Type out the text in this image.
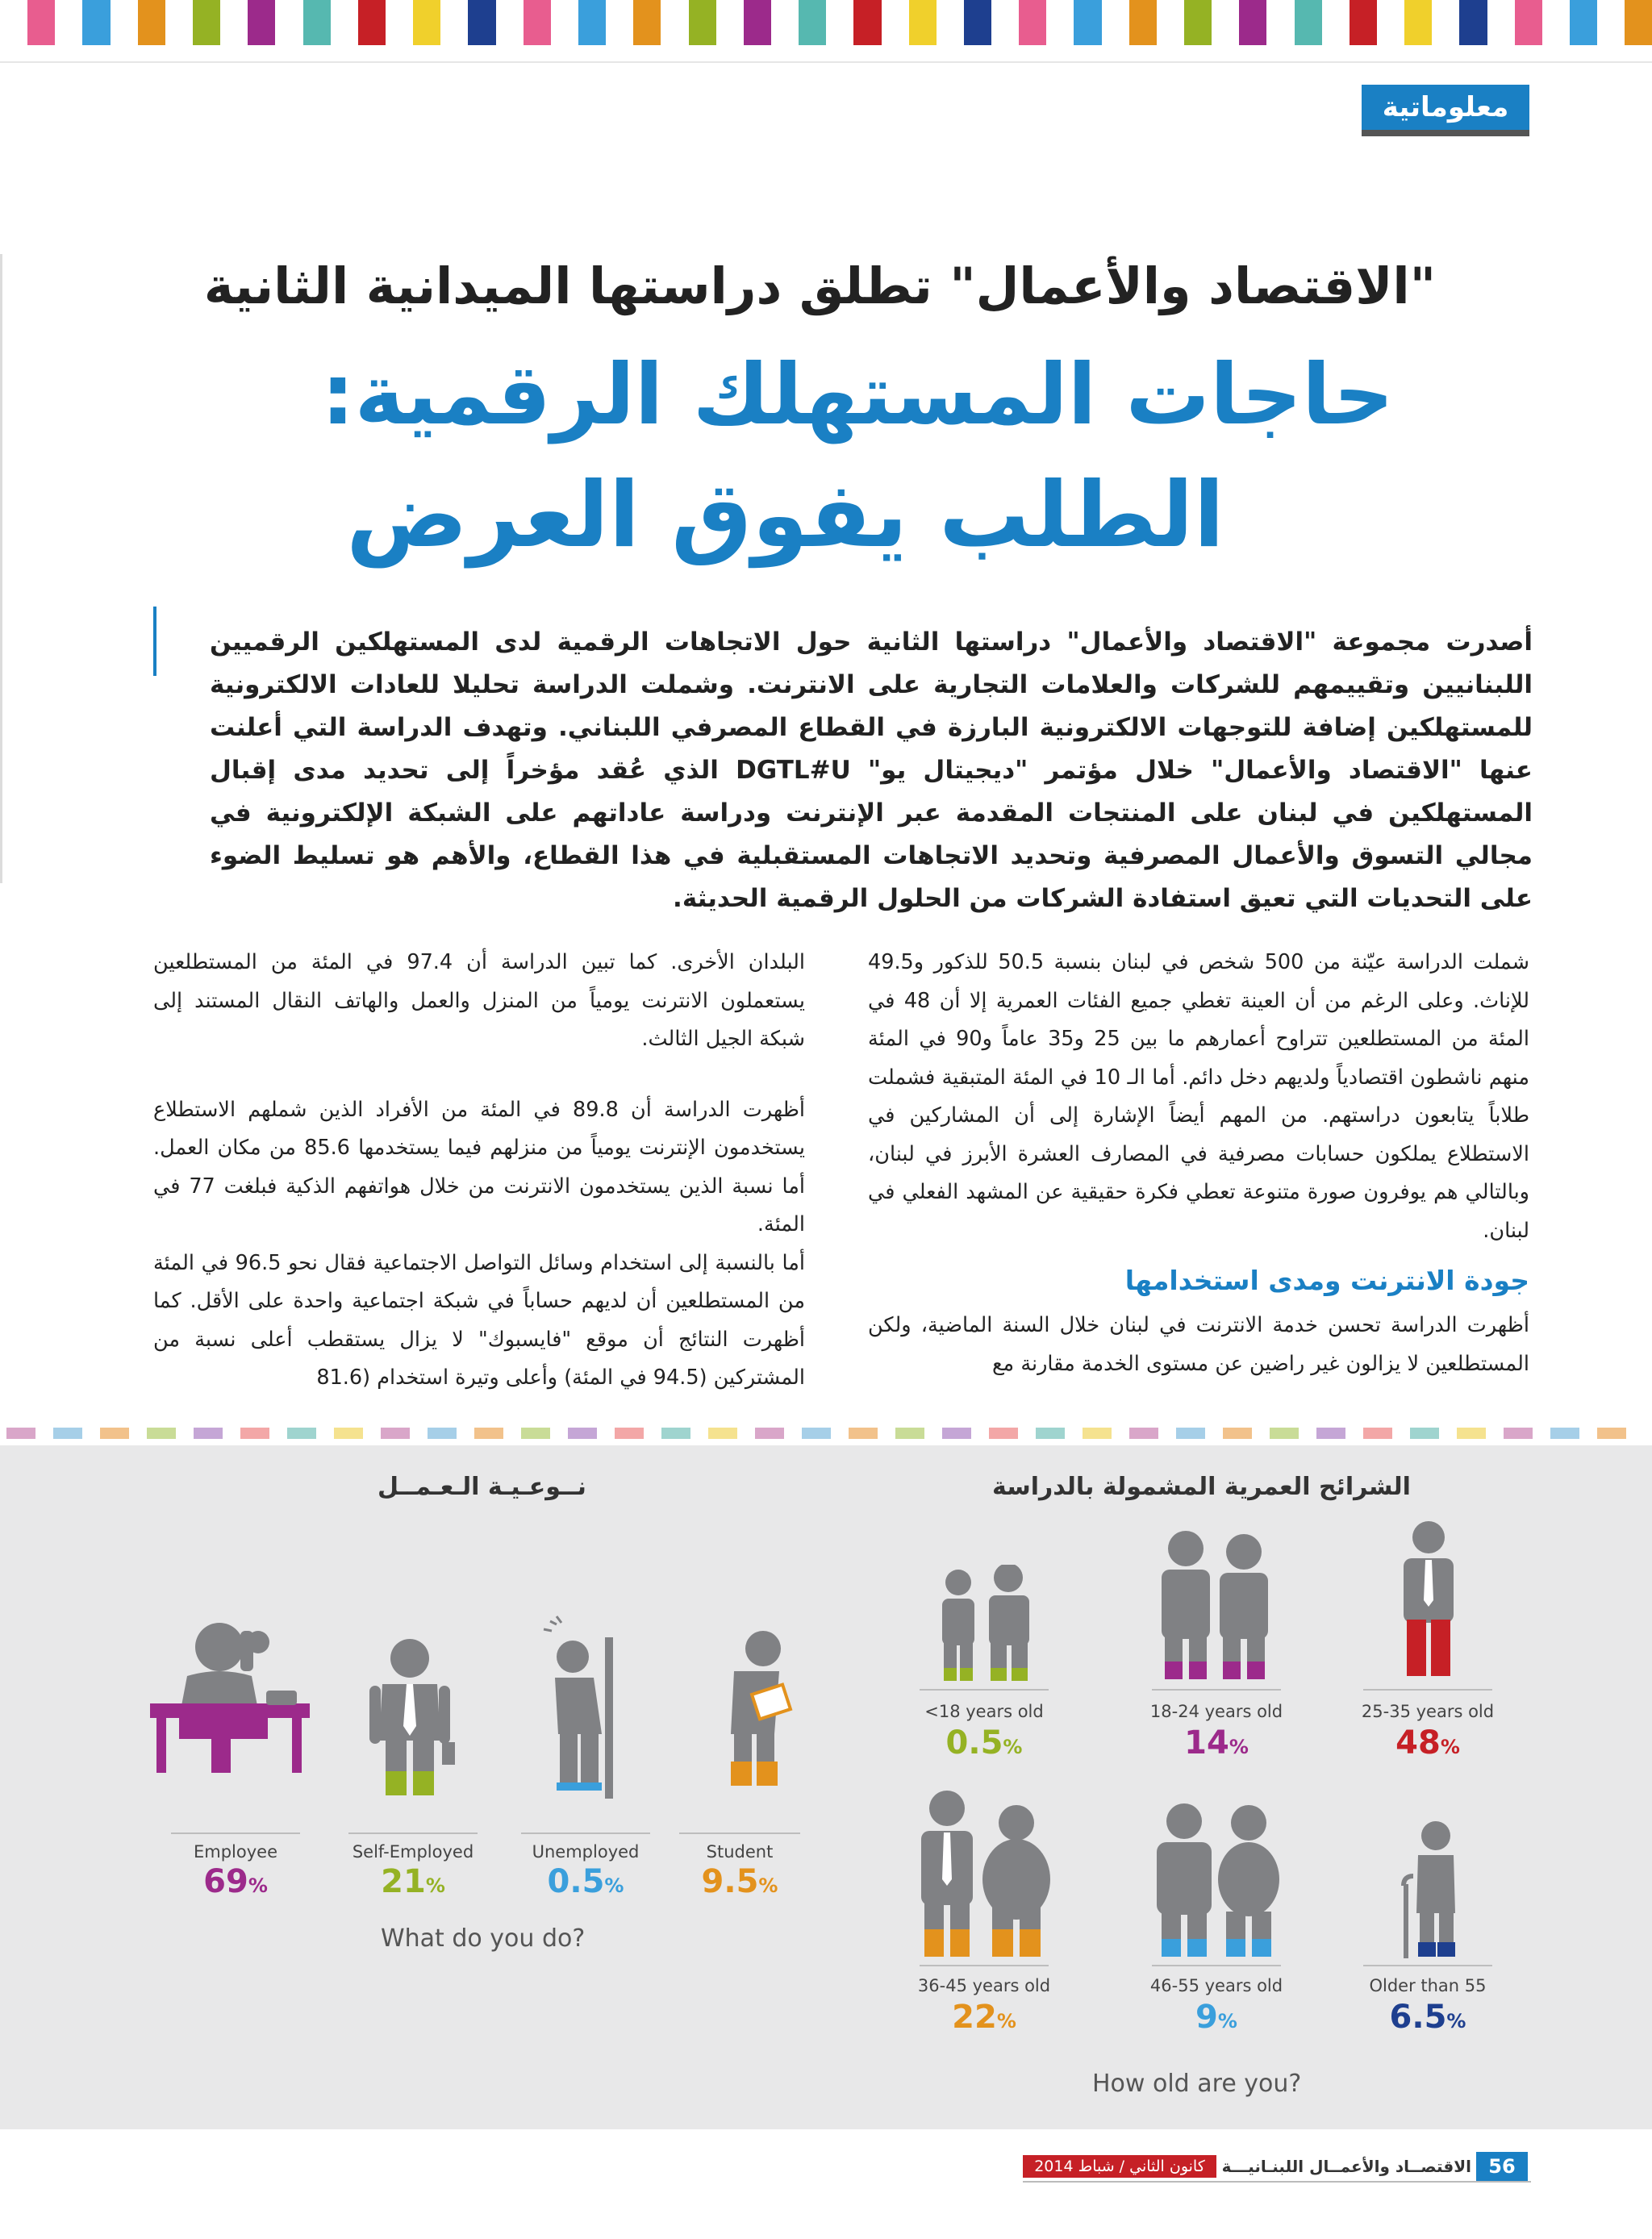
معلوماتية
"الاقتصاد والأعمال" تطلق دراستها الميدانية الثانية
حاجات المستهلك الرقمية:
الطلب يفوق العرض
أصدرت مجموعة "الاقتصاد والأعمال" دراستها الثانية حول الاتجاهات الرقمية لدى المستهلكين الرقميين اللبنانيين وتقييمهم للشركات والعلامات التجارية على الانترنت. وشملت الدراسة تحليلا للعادات الالكترونية للمستهلكين إضافة للتوجهات الالكترونية البارزة في القطاع المصرفي اللبناني. وتهدف الدراسة التي أعلنت عنها "الاقتصاد والأعمال" خلال مؤتمر "ديجيتال يو" DGTL#U الذي عُقد مؤخراً إلى تحديد مدى إقبال المستهلكين في لبنان على المنتجات المقدمة عبر الإنترنت ودراسة عاداتهم على الشبكة الإلكترونية في مجالي التسوق والأعمال المصرفية وتحديد الاتجاهات المستقبلية في هذا القطاع، والأهم هو تسليط الضوء على التحديات التي تعيق استفادة الشركات من الحلول الرقمية الحديثة.

شملت الدراسة عيّنة من 500 شخص في لبنان بنسبة 50.5 للذكور و49.5 للإناث. وعلى الرغم من أن العينة تغطي جميع الفئات العمرية إلا أن 48 في المئة من المستطلعين تتراوح أعمارهم ما بين 25 و35 عاماً و90 في المئة منهم ناشطون اقتصادياً ولديهم دخل دائم. أما الـ 10 في المئة المتبقية فشملت طلاباً يتابعون دراستهم. من المهم أيضاً الإشارة إلى أن المشاركين في الاستطلاع يملكون حسابات مصرفية في المصارف العشرة الأبرز في لبنان، وبالتالي هم يوفرون صورة متنوعة تعطي فكرة حقيقية عن المشهد الفعلي في لبنان.

جودة الانترنت ومدى استخدامها

أظهرت الدراسة تحسن خدمة الانترنت في لبنان خلال السنة الماضية، ولكن المستطلعين لا يزالون غير راضين عن مستوى الخدمة مقارنة مع

البلدان الأخرى. كما تبين الدراسة أن 97.4 في المئة من المستطلعين يستعملون الانترنت يومياً من المنزل والعمل والهاتف النقال المستند إلى شبكة الجيل الثالث.

أظهرت الدراسة أن 89.8 في المئة من الأفراد الذين شملهم الاستطلاع يستخدمون الإنترنت يومياً من منزلهم فيما يستخدمها 85.6 من مكان العمل. أما نسبة الذين يستخدمون الانترنت من خلال هواتفهم الذكية فبلغت 77 في المئة.

أما بالنسبة إلى استخدام وسائل التواصل الاجتماعية فقال نحو 96.5 في المئة من المستطلعين أن لديهم حساباً في شبكة اجتماعية واحدة على الأقل. كما أظهرت النتائج أن موقع "فايسبوك" لا يزال يستقطب أعلى نسبة من المشتركين (94.5 في المئة) وأعلى وتيرة استخدام (81.6

نــوعـيـة الـعـمــل	الشرائح العمرية المشمولة بالدراسة
Employee	Self-Employed	Unemployed	Student
69%	21%	0.5%	9.5%
What do you do?
<18 years old	18-24 years old	25-35 years old
0.5%	14%	48%
36-45 years old	46-55 years old	Older than 55
22%	9%	6.5%
How old are you?
كانون الثاني / شباط 2014	الاقتصــاد والأعمــال اللبنـانيـــة 56
